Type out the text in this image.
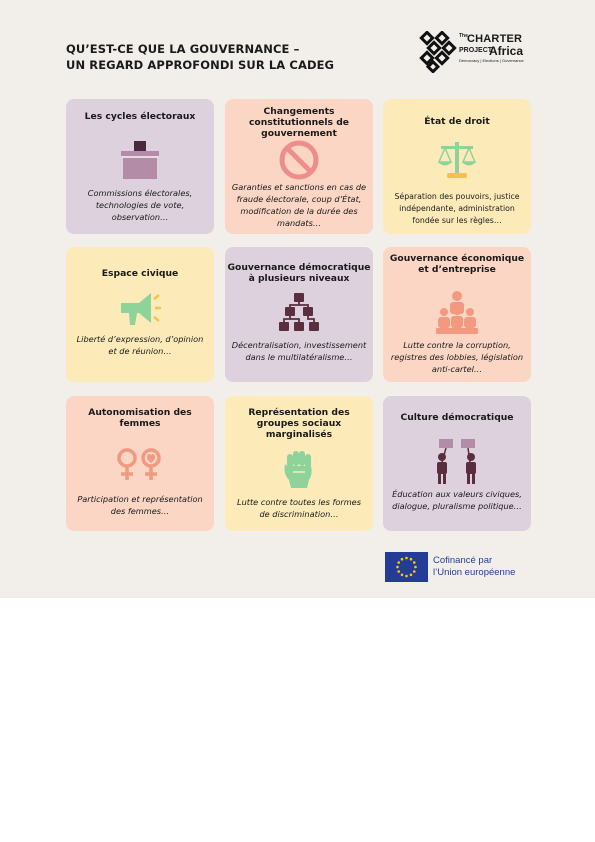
QU’EST-CE QUE LA GOUVERNANCE –
UN REGARD APPROFONDI SUR LA CADEG
The CHARTER
PROJECT
Africa
Democracy | Elections | Governance
Les cycles électoraux
Commissions électorales, technologies de vote, observation…
Changements constitutionnels de gouvernement
Garanties et sanctions en cas de fraude électorale, coup d’État, modification de la durée des mandats…
État de droit
Séparation des pouvoirs, justice indépendante, administration fondée sur les règles…
Espace civique
Liberté d’expression, d’opinion et de réunion…
Gouvernance démocratique à plusieurs niveaux
Décentralisation, investissement dans le multilatéralisme…
Gouvernance économique et d’entreprise
Lutte contre la corruption, registres des lobbies, législation anti-cartel…
Autonomisation des femmes
Participation et représentation des femmes…
Représentation des groupes sociaux marginalisés
Lutte contre toutes les formes de discrimination…
Culture démocratique
Éducation aux valeurs civiques, dialogue, pluralisme politique…
Cofinancé par
l’Union européenne
